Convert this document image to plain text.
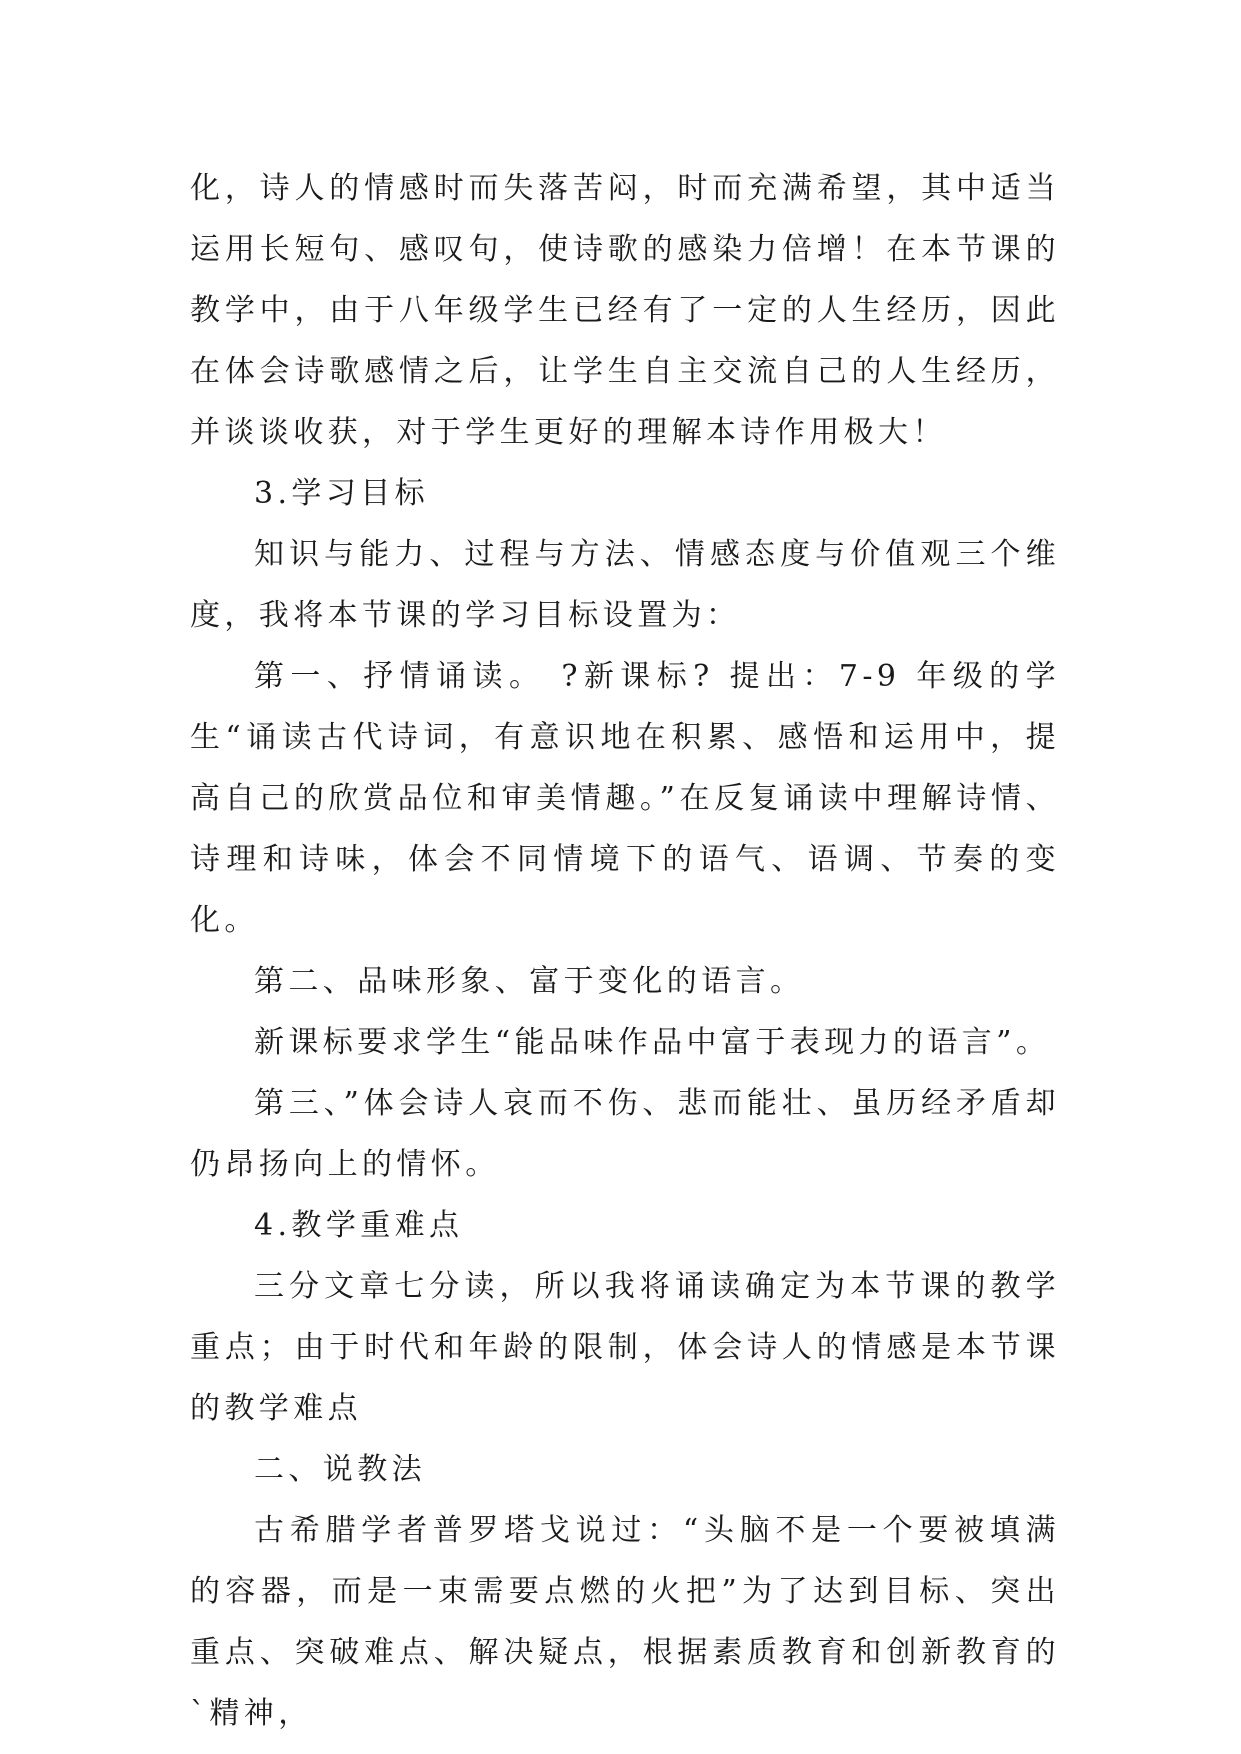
化，诗人的情感时而失落苦闷，时而充满希望，其中适当运用长短句、感叹句，使诗歌的感染力倍增！在本节课的教学中，由于八年级学生已经有了一定的人生经历，因此在体会诗歌感情之后，让学生自主交流自己的人生经历，并谈谈收获，对于学生更好的理解本诗作用极大！

3.学习目标

知识与能力、过程与方法、情感态度与价值观三个维度，我将本节课的学习目标设置为：

第一、抒情诵读。 ?新课标? 提出：7-9 年级的学生“诵读古代诗词，有意识地在积累、感悟和运用中，提高自己的欣赏品位和审美情趣。”在反复诵读中理解诗情、诗理和诗味，体会不同情境下的语气、语调、节奏的变化。

第二、品味形象、富于变化的语言。

新课标要求学生“能品味作品中富于表现力的语言”。

第三、”体会诗人哀而不伤、悲而能壮、虽历经矛盾却仍昂扬向上的情怀。

4.教学重难点

三分文章七分读，所以我将诵读确定为本节课的教学重点；由于时代和年龄的限制，体会诗人的情感是本节课的教学难点

二、说教法

古希腊学者普罗塔戈说过：“头脑不是一个要被填满的容器，而是一束需要点燃的火把”为了达到目标、突出重点、突破难点、解决疑点，根据素质教育和创新教育的`精神，
